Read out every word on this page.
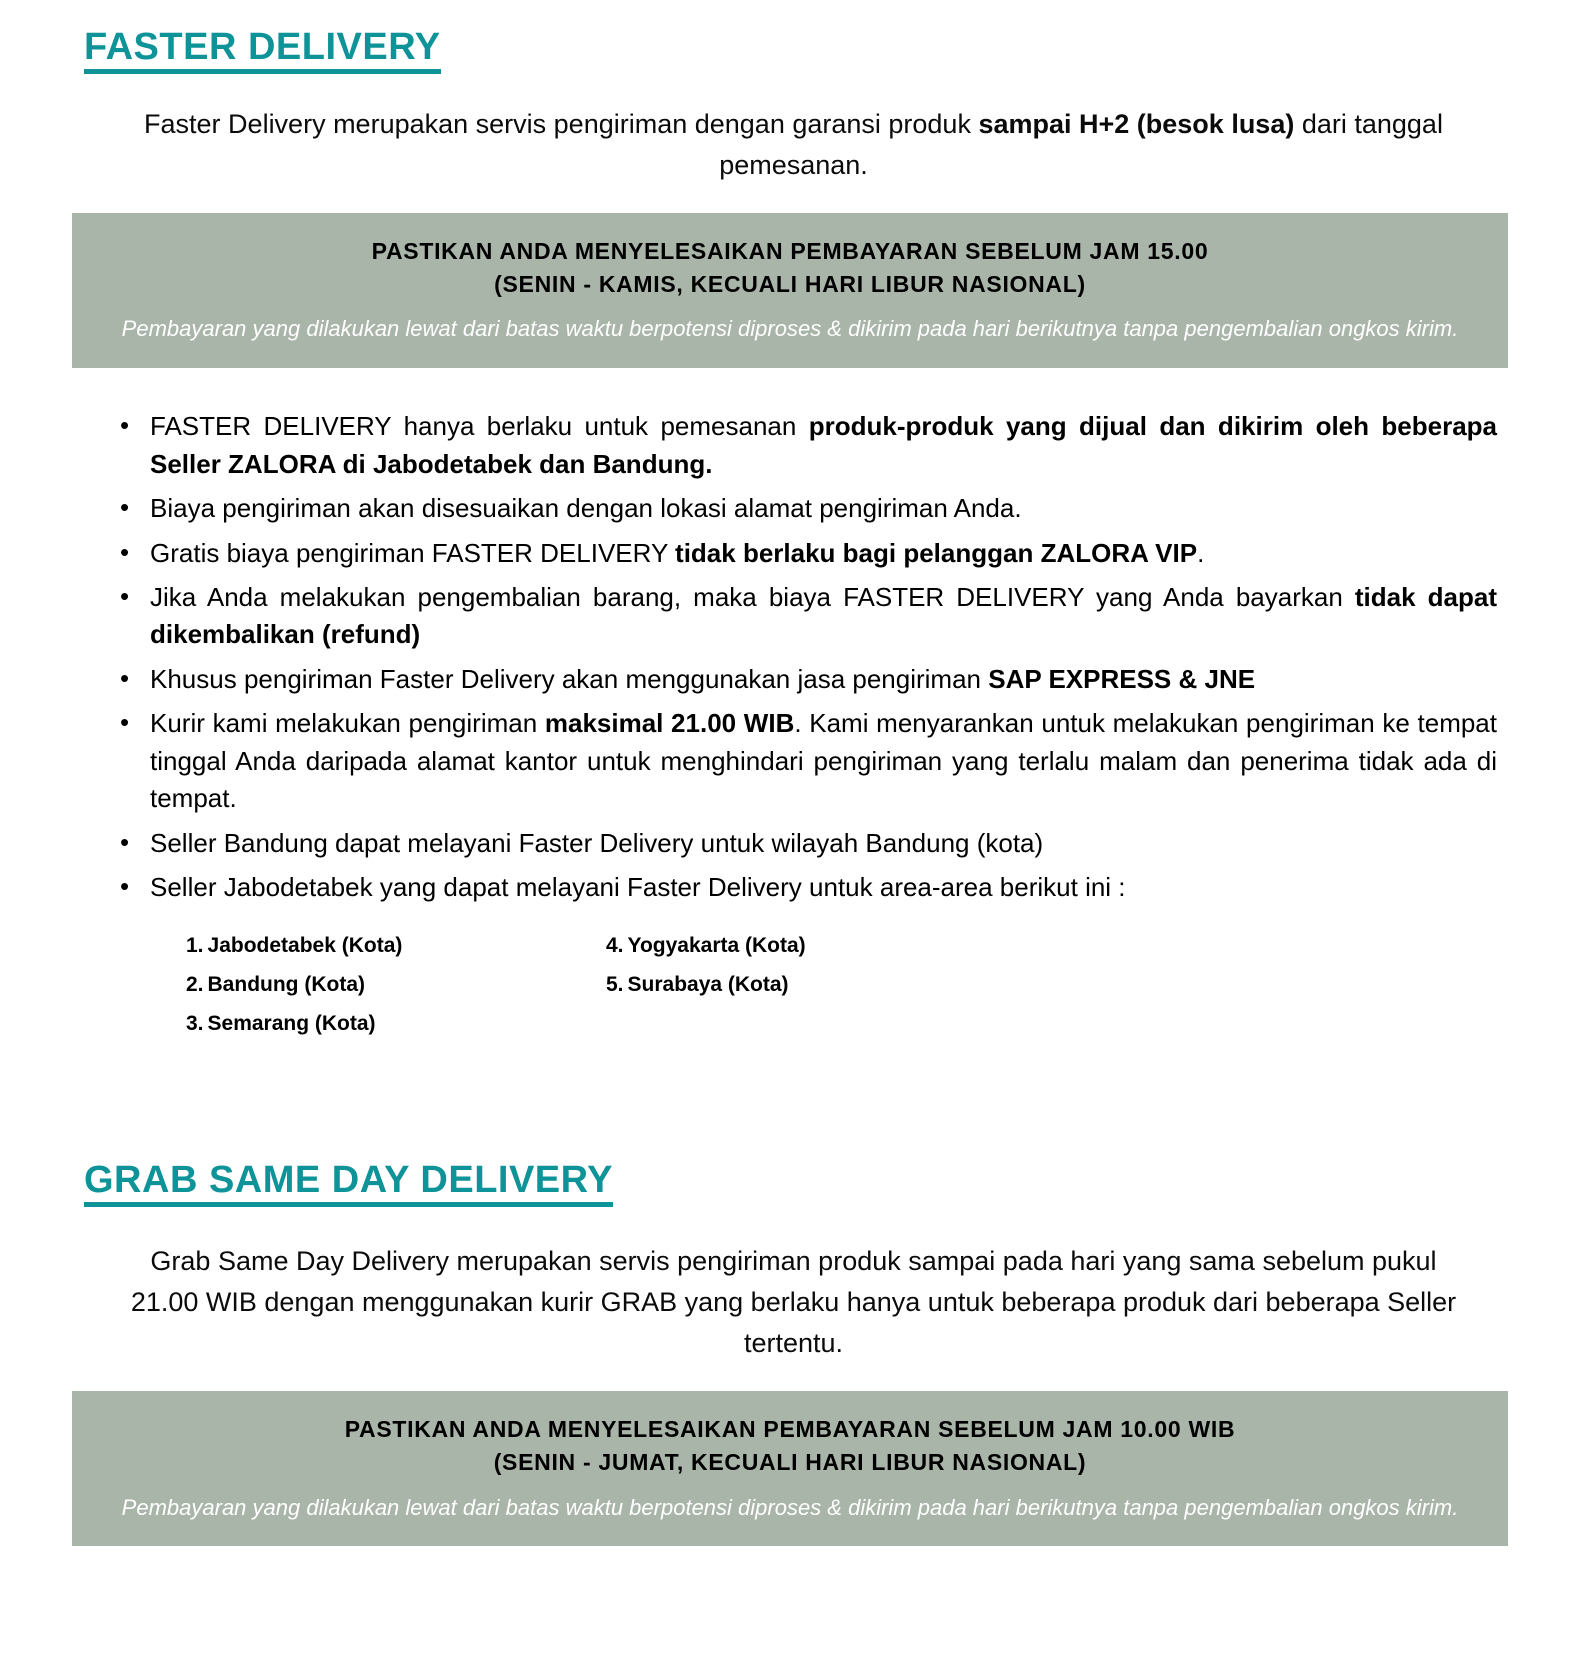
FASTER DELIVERY

Faster Delivery merupakan servis pengiriman dengan garansi produk sampai H+2 (besok lusa) dari tanggal pemesanan.

PASTIKAN ANDA MENYELESAIKAN PEMBAYARAN SEBELUM JAM 15.00
(SENIN - KAMIS, KECUALI HARI LIBUR NASIONAL)
Pembayaran yang dilakukan lewat dari batas waktu berpotensi diproses & dikirim pada hari berikutnya tanpa pengembalian ongkos kirim.
• FASTER DELIVERY hanya berlaku untuk pemesanan produk-produk yang dijual dan dikirim oleh beberapa Seller ZALORA di Jabodetabek dan Bandung.
• Biaya pengiriman akan disesuaikan dengan lokasi alamat pengiriman Anda.
• Gratis biaya pengiriman FASTER DELIVERY tidak berlaku bagi pelanggan ZALORA VIP.
• Jika Anda melakukan pengembalian barang, maka biaya FASTER DELIVERY yang Anda bayarkan tidak dapat dikembalikan (refund)
• Khusus pengiriman Faster Delivery akan menggunakan jasa pengiriman SAP EXPRESS & JNE
• Kurir kami melakukan pengiriman maksimal 21.00 WIB. Kami menyarankan untuk melakukan pengiriman ke tempat tinggal Anda daripada alamat kantor untuk menghindari pengiriman yang terlalu malam dan penerima tidak ada di tempat.
• Seller Bandung dapat melayani Faster Delivery untuk wilayah Bandung (kota)
• Seller Jabodetabek yang dapat melayani Faster Delivery untuk area-area berikut ini :
1. Jabodetabek (Kota)	4. Yogyakarta (Kota)
2. Bandung (Kota)	5. Surabaya (Kota)
3. Semarang (Kota)
GRAB SAME DAY DELIVERY

Grab Same Day Delivery merupakan servis pengiriman produk sampai pada hari yang sama sebelum pukul 21.00 WIB dengan menggunakan kurir GRAB yang berlaku hanya untuk beberapa produk dari beberapa Seller tertentu.

PASTIKAN ANDA MENYELESAIKAN PEMBAYARAN SEBELUM JAM 10.00 WIB
(SENIN - JUMAT, KECUALI HARI LIBUR NASIONAL)
Pembayaran yang dilakukan lewat dari batas waktu berpotensi diproses & dikirim pada hari berikutnya tanpa pengembalian ongkos kirim.
